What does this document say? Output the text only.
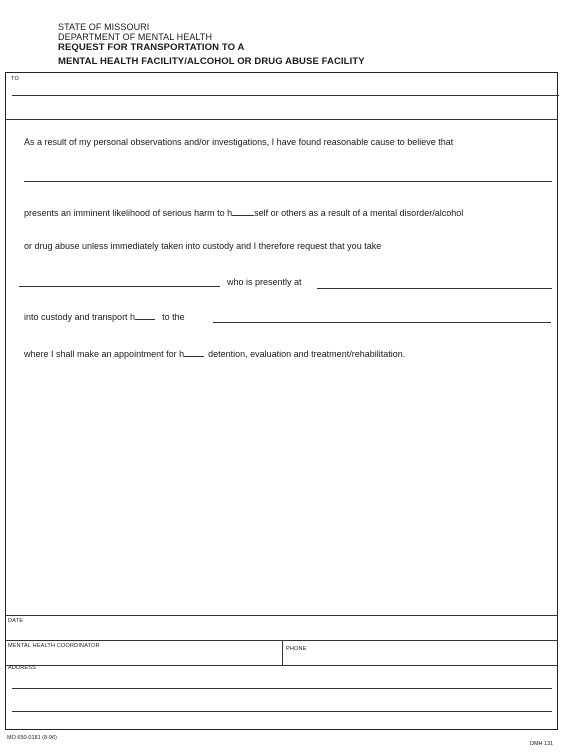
STATE OF MISSOURI
DEPARTMENT OF MENTAL HEALTH
REQUEST FOR TRANSPORTATION TO A
MENTAL HEALTH FACILITY/ALCOHOL OR DRUG ABUSE FACILITY
TO
As a result of my personal observations and/or investigations, I have found reasonable cause to believe that
presents an imminent likelihood of serious harm to h self or others as a result of a mental disorder/alcohol
or drug abuse unless immediately taken into custody and I therefore request that you take
who is presently at
into custody and transport h	to the
where I shall make an appointment for h	detention, evaluation and treatment/rehabilitation.
DATE
MENTAL HEALTH COORDINATOR	PHONE
ADDRESS
MO 650-0181 (8-96)
DMH 131
